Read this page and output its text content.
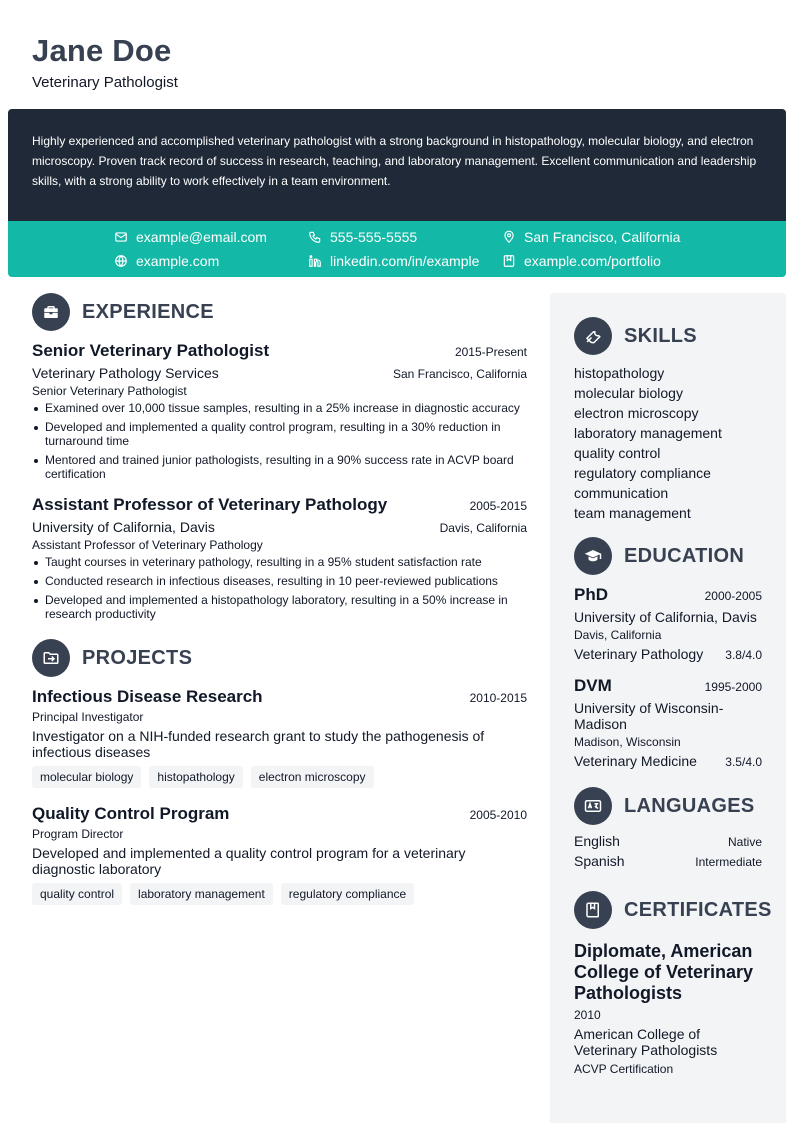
Jane Doe
Veterinary Pathologist

Highly experienced and accomplished veterinary pathologist with a strong background in histopathology, molecular biology, and electron microscopy. Proven track record of success in research, teaching, and laboratory management. Excellent communication and leadership skills, with a strong ability to work effectively in a team environment.

example@email.com	555-555-5555	San Francisco, California
example.com	linkedin.com/in/example	example.com/portfolio
EXPERIENCE
Senior Veterinary Pathologist	2015-Present
Veterinary Pathology Services	San Francisco, California
Senior Veterinary Pathologist
Examined over 10,000 tissue samples, resulting in a 25% increase in diagnostic accuracy
Developed and implemented a quality control program, resulting in a 30% reduction in turnaround time
Mentored and trained junior pathologists, resulting in a 90% success rate in ACVP board certification
Assistant Professor of Veterinary Pathology	2005-2015
University of California, Davis	Davis, California
Assistant Professor of Veterinary Pathology
Taught courses in veterinary pathology, resulting in a 95% student satisfaction rate
Conducted research in infectious diseases, resulting in 10 peer-reviewed publications
Developed and implemented a histopathology laboratory, resulting in a 50% increase in research productivity
PROJECTS
Infectious Disease Research	2010-2015
Principal Investigator
Investigator on a NIH-funded research grant to study the pathogenesis of infectious diseases
molecular biology	histopathology	electron microscopy
Quality Control Program	2005-2010
Program Director
Developed and implemented a quality control program for a veterinary diagnostic laboratory
quality control	laboratory management	regulatory compliance
SKILLS
histopathology
molecular biology
electron microscopy
laboratory management
quality control
regulatory compliance
communication
team management
EDUCATION
PhD	2000-2005
University of California, Davis
Davis, California
Veterinary Pathology 3.8/4.0
DVM	1995-2000
University of Wisconsin-Madison
Madison, Wisconsin
Veterinary Medicine 3.5/4.0
LANGUAGES
English	Native
Spanish	Intermediate
CERTIFICATES
Diplomate, American College of Veterinary Pathologists
2010
American College of Veterinary Pathologists
ACVP Certification
